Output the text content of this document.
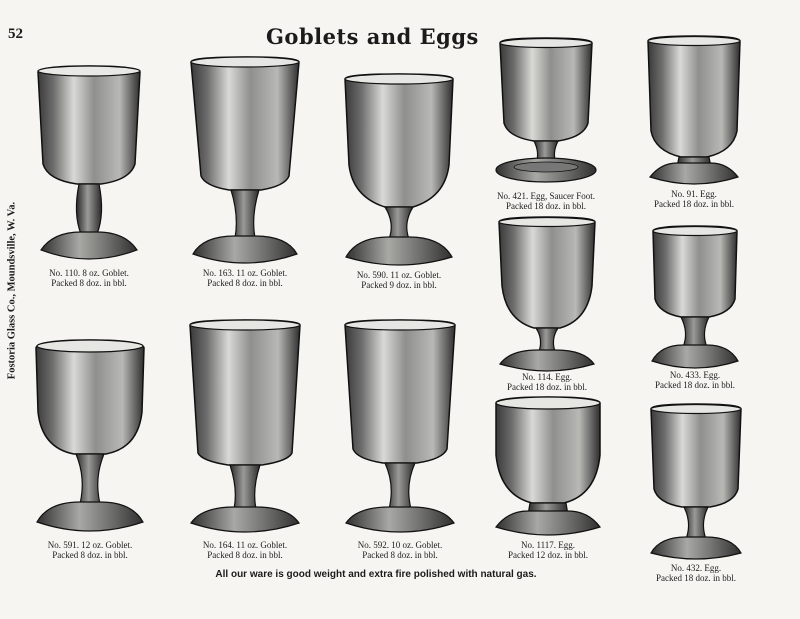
52	Goblets and Eggs
Fostoria Glass Co., Moundsville, W. Va.	No. 110. 8 oz. Goblet.
Packed 8 doz. in bbl.
No. 163. 11 oz. Goblet.
Packed 8 doz. in bbl.
No. 590. 11 oz. Goblet.
Packed 9 doz. in bbl.
No. 421. Egg, Saucer Foot.
Packed 18 doz. in bbl.
No. 91. Egg.
Packed 18 doz. in bbl.
No. 114. Egg.
Packed 18 doz. in bbl.
No. 433. Egg.
Packed 18 doz. in bbl.
No. 591. 12 oz. Goblet.
Packed 8 doz. in bbl.
No. 164. 11 oz. Goblet.
Packed 8 doz. in bbl.
No. 592. 10 oz. Goblet.
Packed 8 doz. in bbl.
No. 1117. Egg.
Packed 12 doz. in bbl.
No. 432. Egg.
Packed 18 doz. in bbl.
All our ware is good weight and extra fire polished with natural gas.
